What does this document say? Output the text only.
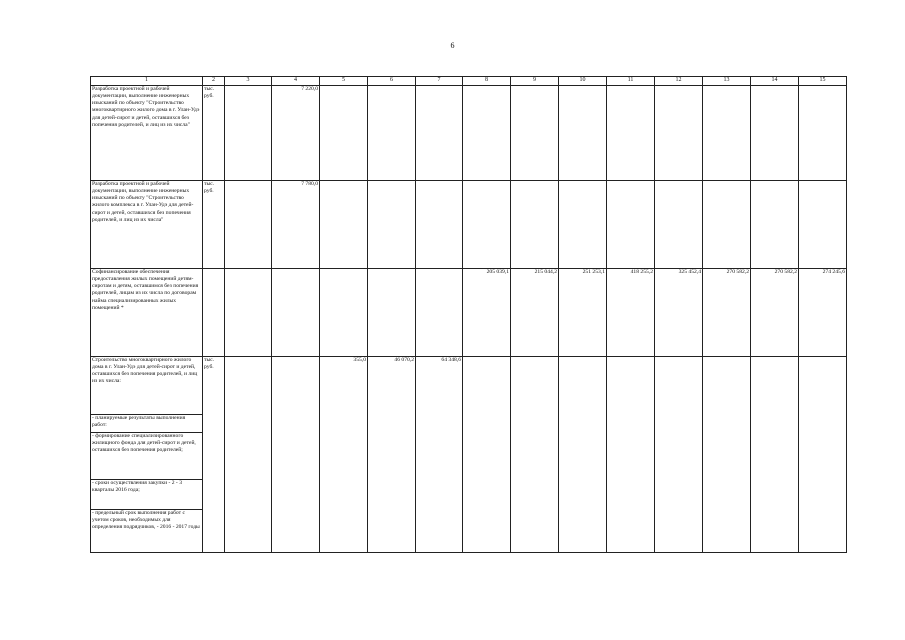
6
1	2	3	4	5	6	7	8	9	10	11	12	13	14	15
Разработка проектной и рабочей документации, выполнение инженерных изысканий по объекту "Строительство многоквартирного жилого дома в г. Улан-Удэ для детей-сирот и детей, оставшихся без попечения родителей, и лиц из их числа"	тыс. руб.		7 220,0											
Разработка проектной и рабочей документации, выполнение инженерных изысканий по объекту "Строительство жилого комплекса в г. Улан-Удэ для детей-сирот и детей, оставшихся без попечения родителей, и лиц из их числа"	тыс. руб.		7 780,0											
Софинансирование обеспечения предоставления жилых помещений детям-сиротам и детям, оставшимся без попечения родителей, лицам из их числа по договорам найма специализированных жилых помещений *							205 039,1	215 044,2	251 253,1	418 255,2	325 452,4	270 582,2	270 582,2	274 245,6
Строительство многоквартирного жилого дома в г. Улан-Удэ для детей-сирот и детей, оставшихся без попечения родителей, и лиц из их числа:	тыс. руб.			355,0	46 070,2	64 348,6								
- планируемые результаты выполнения работ:														
- формирование специализированного жилищного фонда для детей-сирот и детей, оставшихся без попечения родителей;														
- сроки осуществления закупки - 2 - 3 кварталы 2016 года;														
- предельный срок выполнения работ с учетом сроков, необходимых для определения подрядчиков, - 2016 - 2017 годы														
